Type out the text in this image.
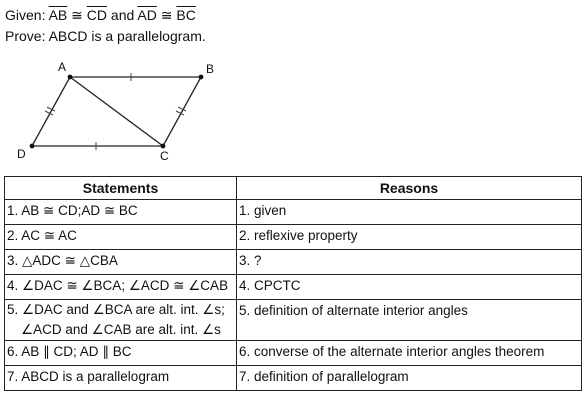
Given: $\overline{AB}$ ≅ $\overline{CD}$ and $\overline{AD}$ ≅ $\overline{BC}$
Prove: ABCD is a parallelogram.
A	B
C
D
Statements	Reasons
1. AB ≅ CD;AD ≅ BC	1. given
2. AC ≅ AC	2. reflexive property
3. △ADC ≅ △CBA	3. ?
4. ∠DAC ≅ ∠BCA; ∠ACD ≅ ∠CAB	4. CPCTC

5. ∠DAC and ∠BCA are alt. int. ∠s;
∠ACD and ∠CAB are alt. int. ∠s	5. definition of alternate interior angles
6. AB ∥ CD; AD ∥ BC	6. converse of the alternate interior angles theorem
7. ABCD is a parallelogram	7. definition of parallelogram
